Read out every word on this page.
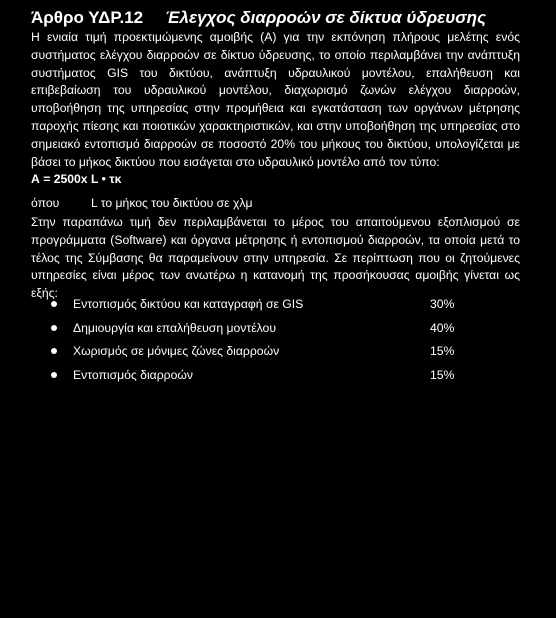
Άρθρο ΥΔΡ.12 Έλεγχος διαρροών σε δίκτυα ύδρευσης

Η ενιαία τιμή προεκτιμώμενης αμοιβής (Α) για την εκπόνηση πλήρους μελέτης ενός συστήματος ελέγχου διαρροών σε δίκτυο ύδρευσης, το οποίο περιλαμβάνει την ανάπτυξη συστήματος GIS του δικτύου, ανάπτυξη υδραυλικού μοντέλου, επαλήθευση και επιβεβαίωση του υδραυλικού μοντέλου, διαχωρισμό ζωνών ελέγχου διαρροών, υποβοήθηση της υπηρεσίας στην προμήθεια και εγκατάσταση των οργάνων μέτρησης παροχής πίεσης και ποιοτικών χαρακτηριστικών, και στην υποβοήθηση της υπηρεσίας στο σημειακό εντοπισμό διαρροών σε ποσοστό 20% του μήκους του δικτύου, υπολογίζεται με βάσει το μήκος δικτύου που εισάγεται στο υδραυλικό μοντέλο από τον τύπο:

Α = 2500x L • τκ
όπου	L το μήκος του δικτύου σε χλμ

Στην παραπάνω τιμή δεν περιλαμβάνεται το μέρος του απαιτούμενου εξοπλισμού σε προγράμματα (Software) και όργανα μέτρησης ή εντοπισμού διαρροών, τα οποία μετά το τέλος της Σύμβασης θα παραμείνουν στην υπηρεσία. Σε περίπτωση που οι ζητούμενες υπηρεσίες είναι μέρος των ανωτέρω η κατανομή της προσήκουσας αμοιβής γίνεται ως εξής:

Εντοπισμός δικτύου και καταγραφή σε GIS	30%
Δημιουργία και επαλήθευση μοντέλου	40%
Χωρισμός σε μόνιμες ζώνες διαρροών	15%
Εντοπισμός διαρροών	15%
